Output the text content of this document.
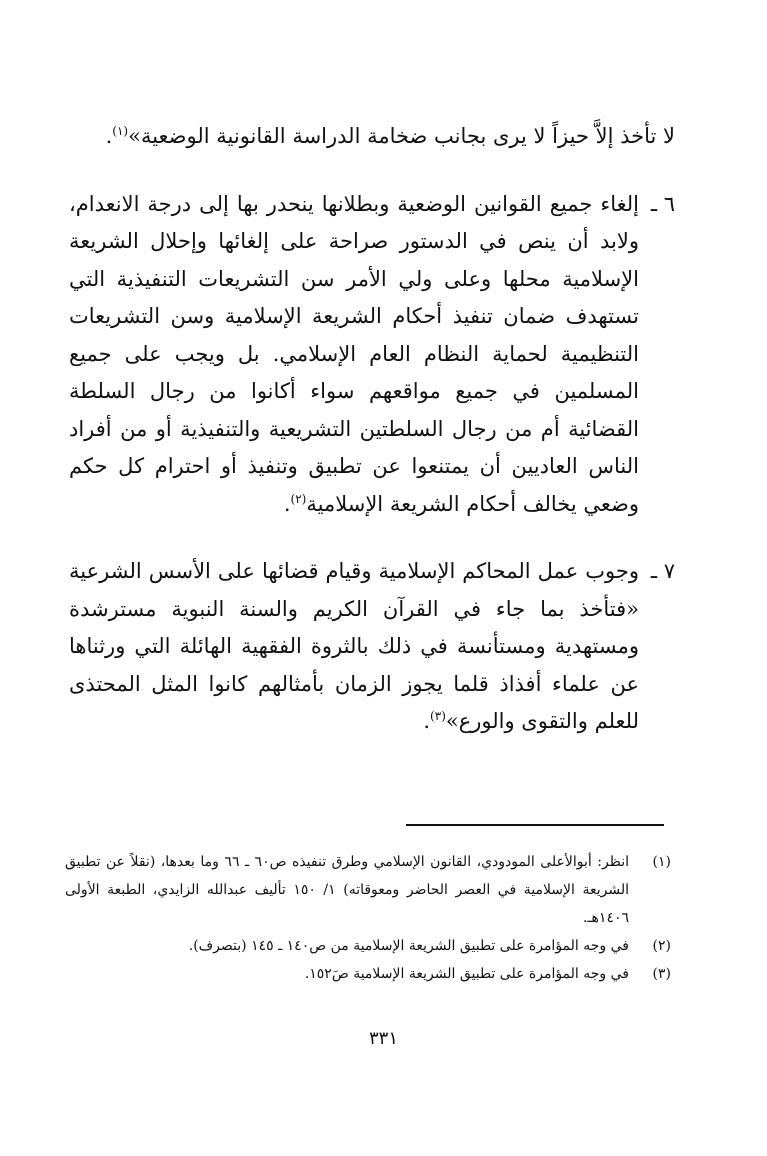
لا تأخذ إلاَّ حيزاً لا يرى بجانب ضخامة الدراسة القانونية الوضعية»$^{(١)}$.

٦ ـ

إلغاء جميع القوانين الوضعية وبطلانها ينحدر بها إلى درجة الانعدام، ولابد أن ينص في الدستور صراحة على إلغائها وإحلال الشريعة الإسلامية محلها وعلى ولي الأمر سن التشريعات التنفيذية التي تستهدف ضمان تنفيذ أحكام الشريعة الإسلامية وسن التشريعات التنظيمية لحماية النظام العام الإسلامي. بل ويجب على جميع المسلمين في جميع مواقعهم سواء أكانوا من رجال السلطة القضائية أم من رجال السلطتين التشريعية والتنفيذية أو من أفراد الناس العاديين أن يمتنعوا عن تطبيق وتنفيذ أو احترام كل حكم وضعي يخالف أحكام الشريعة الإسلامية$^{(٢)}$.

٧ ـ

وجوب عمل المحاكم الإسلامية وقيام قضائها على الأسس الشرعية «فتأخذ بما جاء في القرآن الكريم والسنة النبوية مسترشدة ومستهدية ومستأنسة في ذلك بالثروة الفقهية الهائلة التي ورثناها عن علماء أفذاذ قلما يجوز الزمان بأمثالهم كانوا المثل المحتذى للعلم والتقوى والورع»$^{(٣)}$.

(١)
انظر: أبوالأعلى المودودي، القانون الإسلامي وطرق تنفيذه ص٦٠ ـ ٦٦ وما بعدها، (نقلاً عن تطبيق الشريعة الإسلامية في العصر الحاضر ومعوقاته) ١/ ١٥٠ تأليف عبدالله الزايدي، الطبعة الأولى ١٤٠٦هـ.

(٢)
في وجه المؤامرة على تطبيق الشريعة الإسلامية من ص١٤٠ ـ ١٤٥ (بتصرف).

(٣)
في وجه المؤامرة على تطبيق الشريعة الإسلامية صَ١٥٢.

٣٣١
